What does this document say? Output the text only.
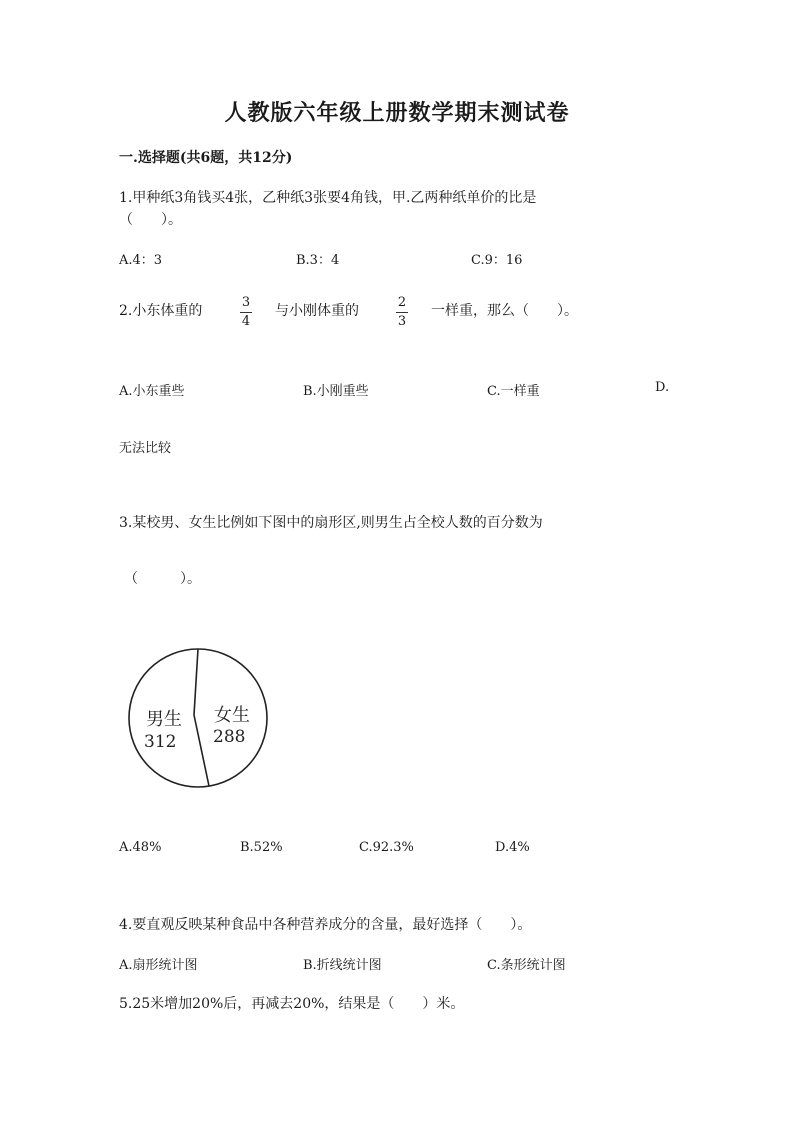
人教版六年级上册数学期末测试卷
一.选择题(共6题，共12分)
1.甲种纸3角钱买4张，乙种纸3张要4角钱，甲.乙两种纸单价的比是
（　　）。
A.4：3	B.3：4	C.9：16
2.小东体重的
3
4
与小刚体重的
2
3
一样重，那么（　　）。
A.小东重些	B.小刚重些	C.一样重	D.
无法比较
3.某校男、女生比例如下图中的扇形区,则男生占全校人数的百分数为
（　　　）。
男生
312
女生
288
A.48%	B.52%	C.92.3%	D.4%
4.要直观反映某种食品中各种营养成分的含量，最好选择（　　）。
A.扇形统计图	B.折线统计图	C.条形统计图
5.25米增加20%后，再减去20%，结果是（　　）米。
